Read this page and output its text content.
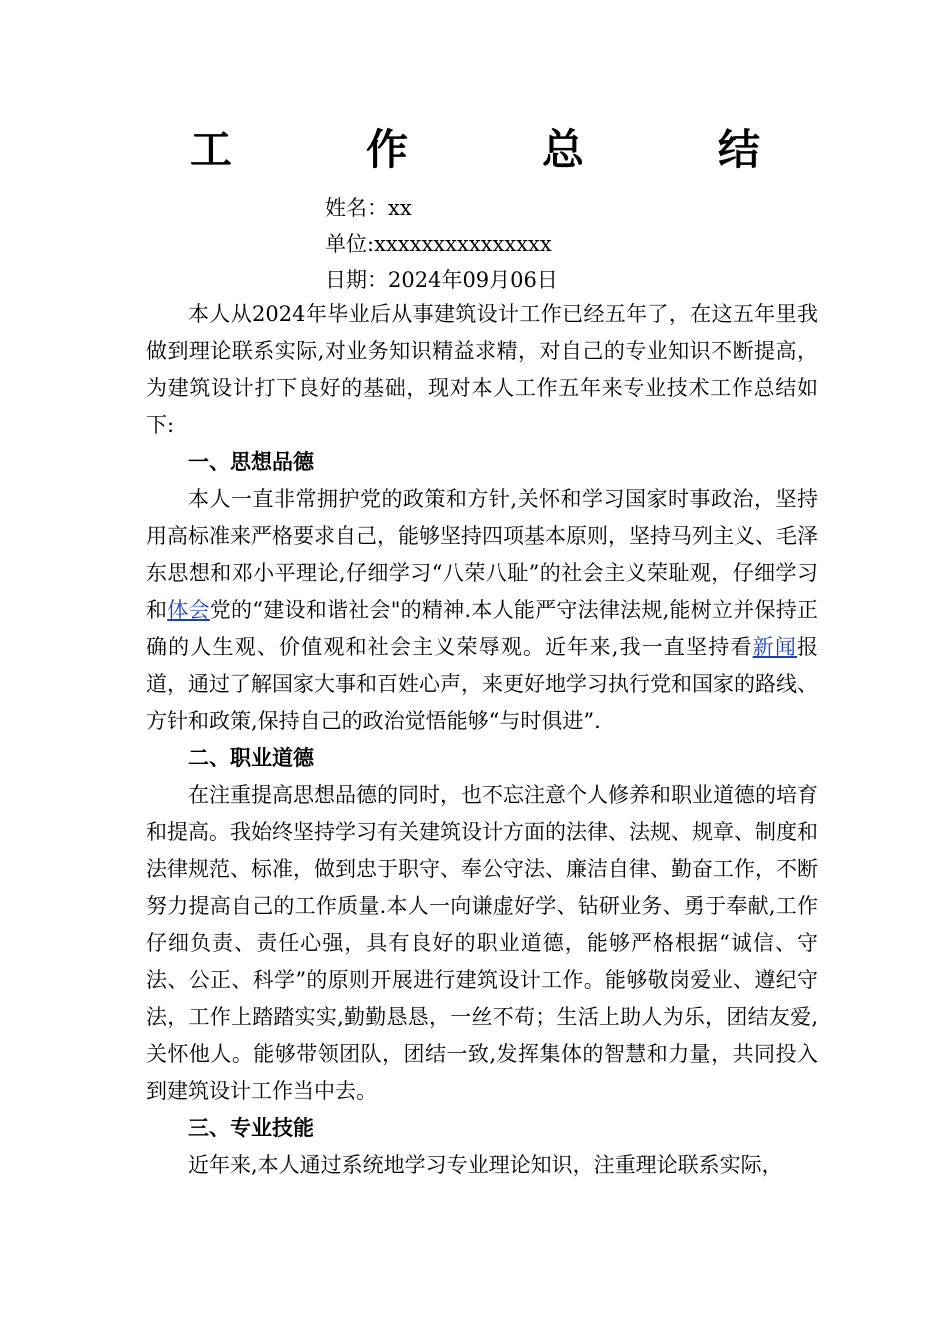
工　作　总　结
姓名：xx
单位:xxxxxxxxxxxxxxx
日期：2024年09月06日

本人从2024年毕业后从事建筑设计工作已经五年了，在这五年里我做到理论联系实际,对业务知识精益求精，对自己的专业知识不断提高，为建筑设计打下良好的基础，现对本人工作五年来专业技术工作总结如下:

一、思想品德

本人一直非常拥护党的政策和方针,关怀和学习国家时事政治，坚持用高标准来严格要求自己，能够坚持四项基本原则，坚持马列主义、毛泽东思想和邓小平理论,仔细学习“八荣八耻”的社会主义荣耻观，仔细学习和体会党的“建设和谐社会"的精神.本人能严守法律法规,能树立并保持正确的人生观、价值观和社会主义荣辱观。近年来,我一直坚持看新闻报道，通过了解国家大事和百姓心声，来更好地学习执行党和国家的路线、方针和政策,保持自己的政治觉悟能够“与时俱进”.

二、职业道德

在注重提高思想品德的同时，也不忘注意个人修养和职业道德的培育和提高。我始终坚持学习有关建筑设计方面的法律、法规、规章、制度和法律规范、标准，做到忠于职守、奉公守法、廉洁自律、勤奋工作，不断努力提高自己的工作质量.本人一向谦虚好学、钻研业务、勇于奉献,工作仔细负责、责任心强，具有良好的职业道德，能够严格根据“诚信、守法、公正、科学”的原则开展进行建筑设计工作。能够敬岗爱业、遵纪守法，工作上踏踏实实,勤勤恳恳，一丝不苟；生活上助人为乐，团结友爱,关怀他人。能够带领团队，团结一致,发挥集体的智慧和力量，共同投入到建筑设计工作当中去。

三、专业技能

近年来,本人通过系统地学习专业理论知识，注重理论联系实际，
